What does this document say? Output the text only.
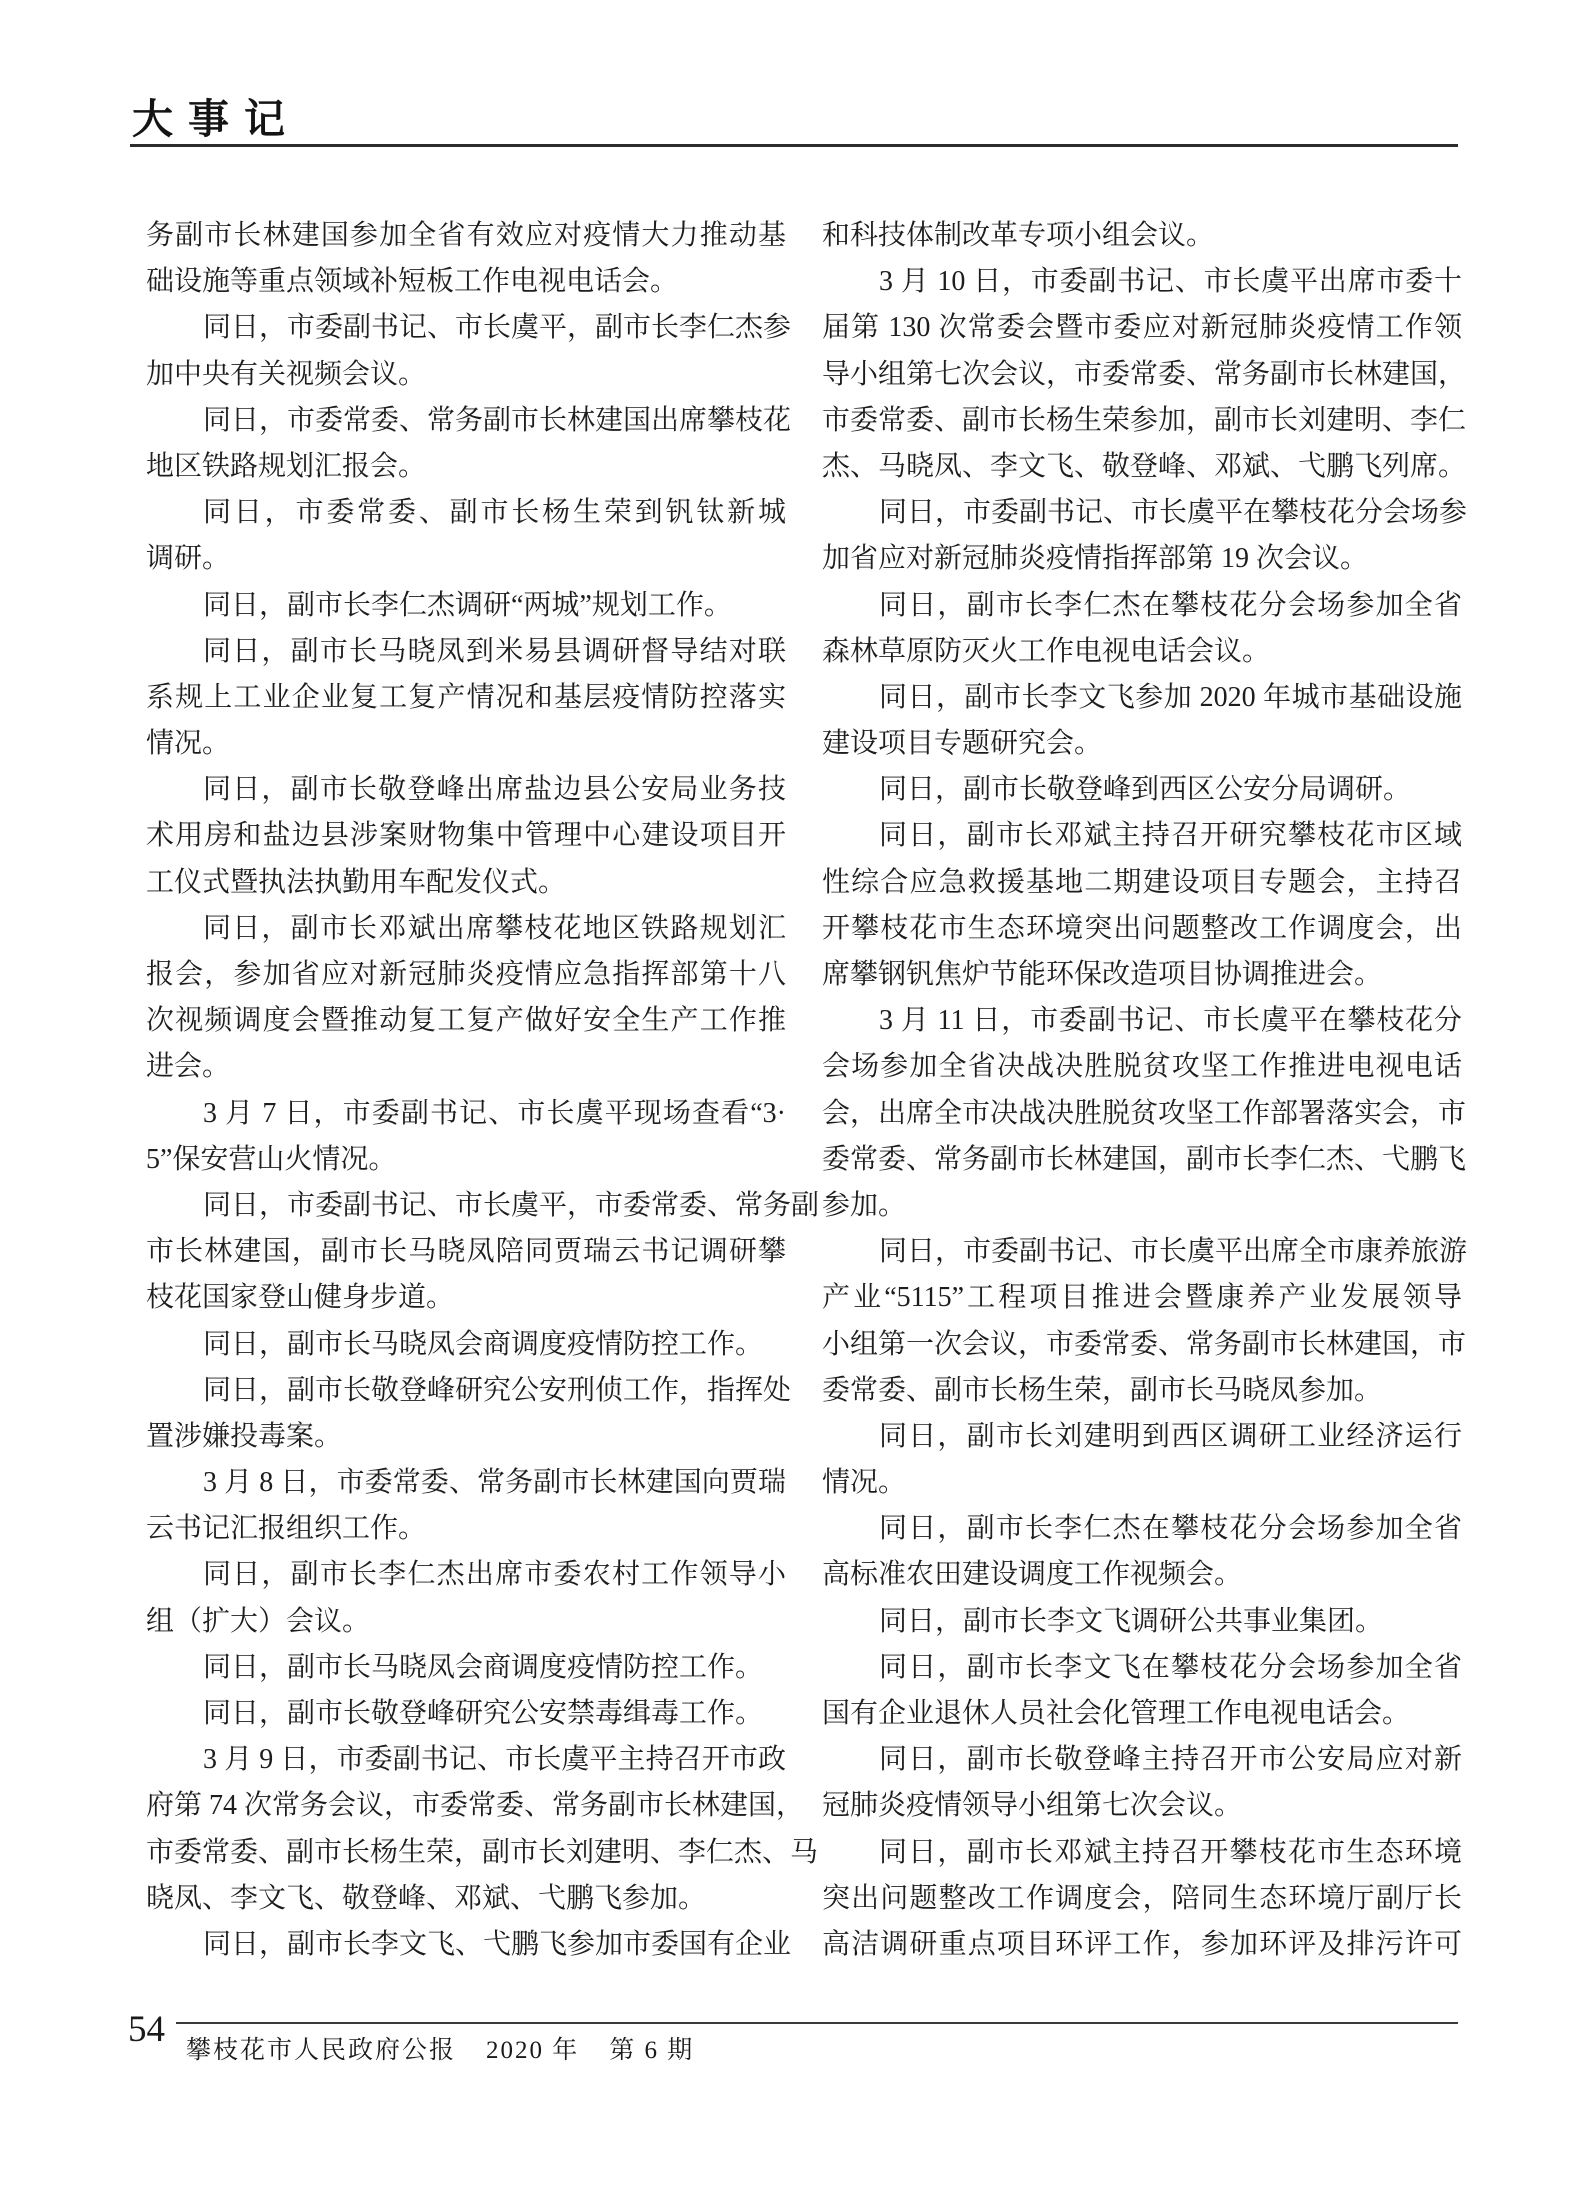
大事记
务副市长林建国参加全省有效应对疫情大力推动基
础设施等重点领域补短板工作电视电话会。
同日，市委副书记、市长虞平，副市长李仁杰参
加中央有关视频会议。
同日，市委常委、常务副市长林建国出席攀枝花
地区铁路规划汇报会。
同日，市委常委、副市长杨生荣到钒钛新城
调研。
同日，副市长李仁杰调研“两城”规划工作。
同日，副市长马晓凤到米易县调研督导结对联
系规上工业企业复工复产情况和基层疫情防控落实
情况。
同日，副市长敬登峰出席盐边县公安局业务技
术用房和盐边县涉案财物集中管理中心建设项目开
工仪式暨执法执勤用车配发仪式。
同日，副市长邓斌出席攀枝花地区铁路规划汇
报会，参加省应对新冠肺炎疫情应急指挥部第十八
次视频调度会暨推动复工复产做好安全生产工作推
进会。
3 月 7 日，市委副书记、市长虞平现场查看“3·
5”保安营山火情况。
同日，市委副书记、市长虞平，市委常委、常务副
市长林建国，副市长马晓凤陪同贾瑞云书记调研攀
枝花国家登山健身步道。
同日，副市长马晓凤会商调度疫情防控工作。
同日，副市长敬登峰研究公安刑侦工作，指挥处
置涉嫌投毒案。
3 月 8 日，市委常委、常务副市长林建国向贾瑞
云书记汇报组织工作。
同日，副市长李仁杰出席市委农村工作领导小
组（扩大）会议。
同日，副市长马晓凤会商调度疫情防控工作。
同日，副市长敬登峰研究公安禁毒缉毒工作。
3 月 9 日，市委副书记、市长虞平主持召开市政
府第 74 次常务会议，市委常委、常务副市长林建国，
市委常委、副市长杨生荣，副市长刘建明、李仁杰、马
晓凤、李文飞、敬登峰、邓斌、弋鹏飞参加。
同日，副市长李文飞、弋鹏飞参加市委国有企业
和科技体制改革专项小组会议。
3 月 10 日，市委副书记、市长虞平出席市委十
届第 130 次常委会暨市委应对新冠肺炎疫情工作领
导小组第七次会议，市委常委、常务副市长林建国，
市委常委、副市长杨生荣参加，副市长刘建明、李仁
杰、马晓凤、李文飞、敬登峰、邓斌、弋鹏飞列席。
同日，市委副书记、市长虞平在攀枝花分会场参
加省应对新冠肺炎疫情指挥部第 19 次会议。
同日，副市长李仁杰在攀枝花分会场参加全省
森林草原防灭火工作电视电话会议。
同日，副市长李文飞参加 2020 年城市基础设施
建设项目专题研究会。
同日，副市长敬登峰到西区公安分局调研。
同日，副市长邓斌主持召开研究攀枝花市区域
性综合应急救援基地二期建设项目专题会，主持召
开攀枝花市生态环境突出问题整改工作调度会，出
席攀钢钒焦炉节能环保改造项目协调推进会。
3 月 11 日，市委副书记、市长虞平在攀枝花分
会场参加全省决战决胜脱贫攻坚工作推进电视电话
会，出席全市决战决胜脱贫攻坚工作部署落实会，市
委常委、常务副市长林建国，副市长李仁杰、弋鹏飞
参加。
同日，市委副书记、市长虞平出席全市康养旅游
产业“5115”工程项目推进会暨康养产业发展领导
小组第一次会议，市委常委、常务副市长林建国，市
委常委、副市长杨生荣，副市长马晓凤参加。
同日，副市长刘建明到西区调研工业经济运行
情况。
同日，副市长李仁杰在攀枝花分会场参加全省
高标准农田建设调度工作视频会。
同日，副市长李文飞调研公共事业集团。
同日，副市长李文飞在攀枝花分会场参加全省
国有企业退休人员社会化管理工作电视电话会。
同日，副市长敬登峰主持召开市公安局应对新
冠肺炎疫情领导小组第七次会议。
同日，副市长邓斌主持召开攀枝花市生态环境
突出问题整改工作调度会，陪同生态环境厅副厅长
高洁调研重点项目环评工作，参加环评及排污许可
54
攀枝花市人民政府公报 2020 年 第 6 期
